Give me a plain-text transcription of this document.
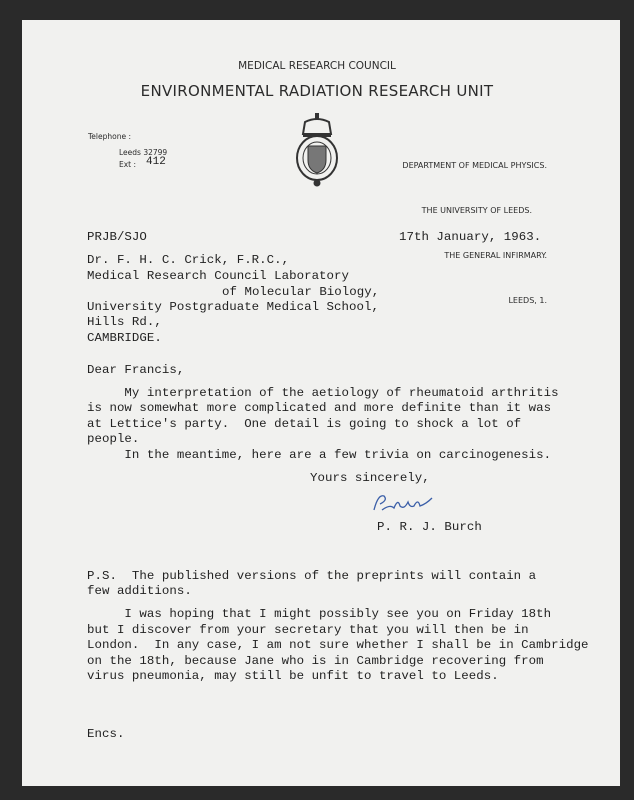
MEDICAL RESEARCH COUNCIL
ENVIRONMENTAL RADIATION RESEARCH UNIT
Telephone :
Leeds 32799
Ext : 412

	DEPARTMENT OF MEDICAL PHYSICS.

THE UNIVERSITY OF LEEDS.

THE GENERAL INFIRMARY.

LEEDS, 1.

PRJB/SJO	17th January, 1963.
Dr. F. H. C. Crick, F.R.C.,
Medical Research Council Laboratory
of Molecular Biology,
University Postgraduate Medical School,
Hills Rd.,
CAMBRIDGE.
Dear Francis,
My interpretation of the aetiology of rheumatoid arthritis
is now somewhat more complicated and more definite than it was
at Lettice's party.  One detail is going to shock a lot of
people.
In the meantime, here are a few trivia on carcinogenesis.
Yours sincerely,
P. R. J. Burch
P.S.  The published versions of the preprints will contain a
few additions.
I was hoping that I might possibly see you on Friday 18th
but I discover from your secretary that you will then be in
London.  In any case, I am not sure whether I shall be in Cambridge
on the 18th, because Jane who is in Cambridge recovering from
virus pneumonia, may still be unfit to travel to Leeds.
Encs.
